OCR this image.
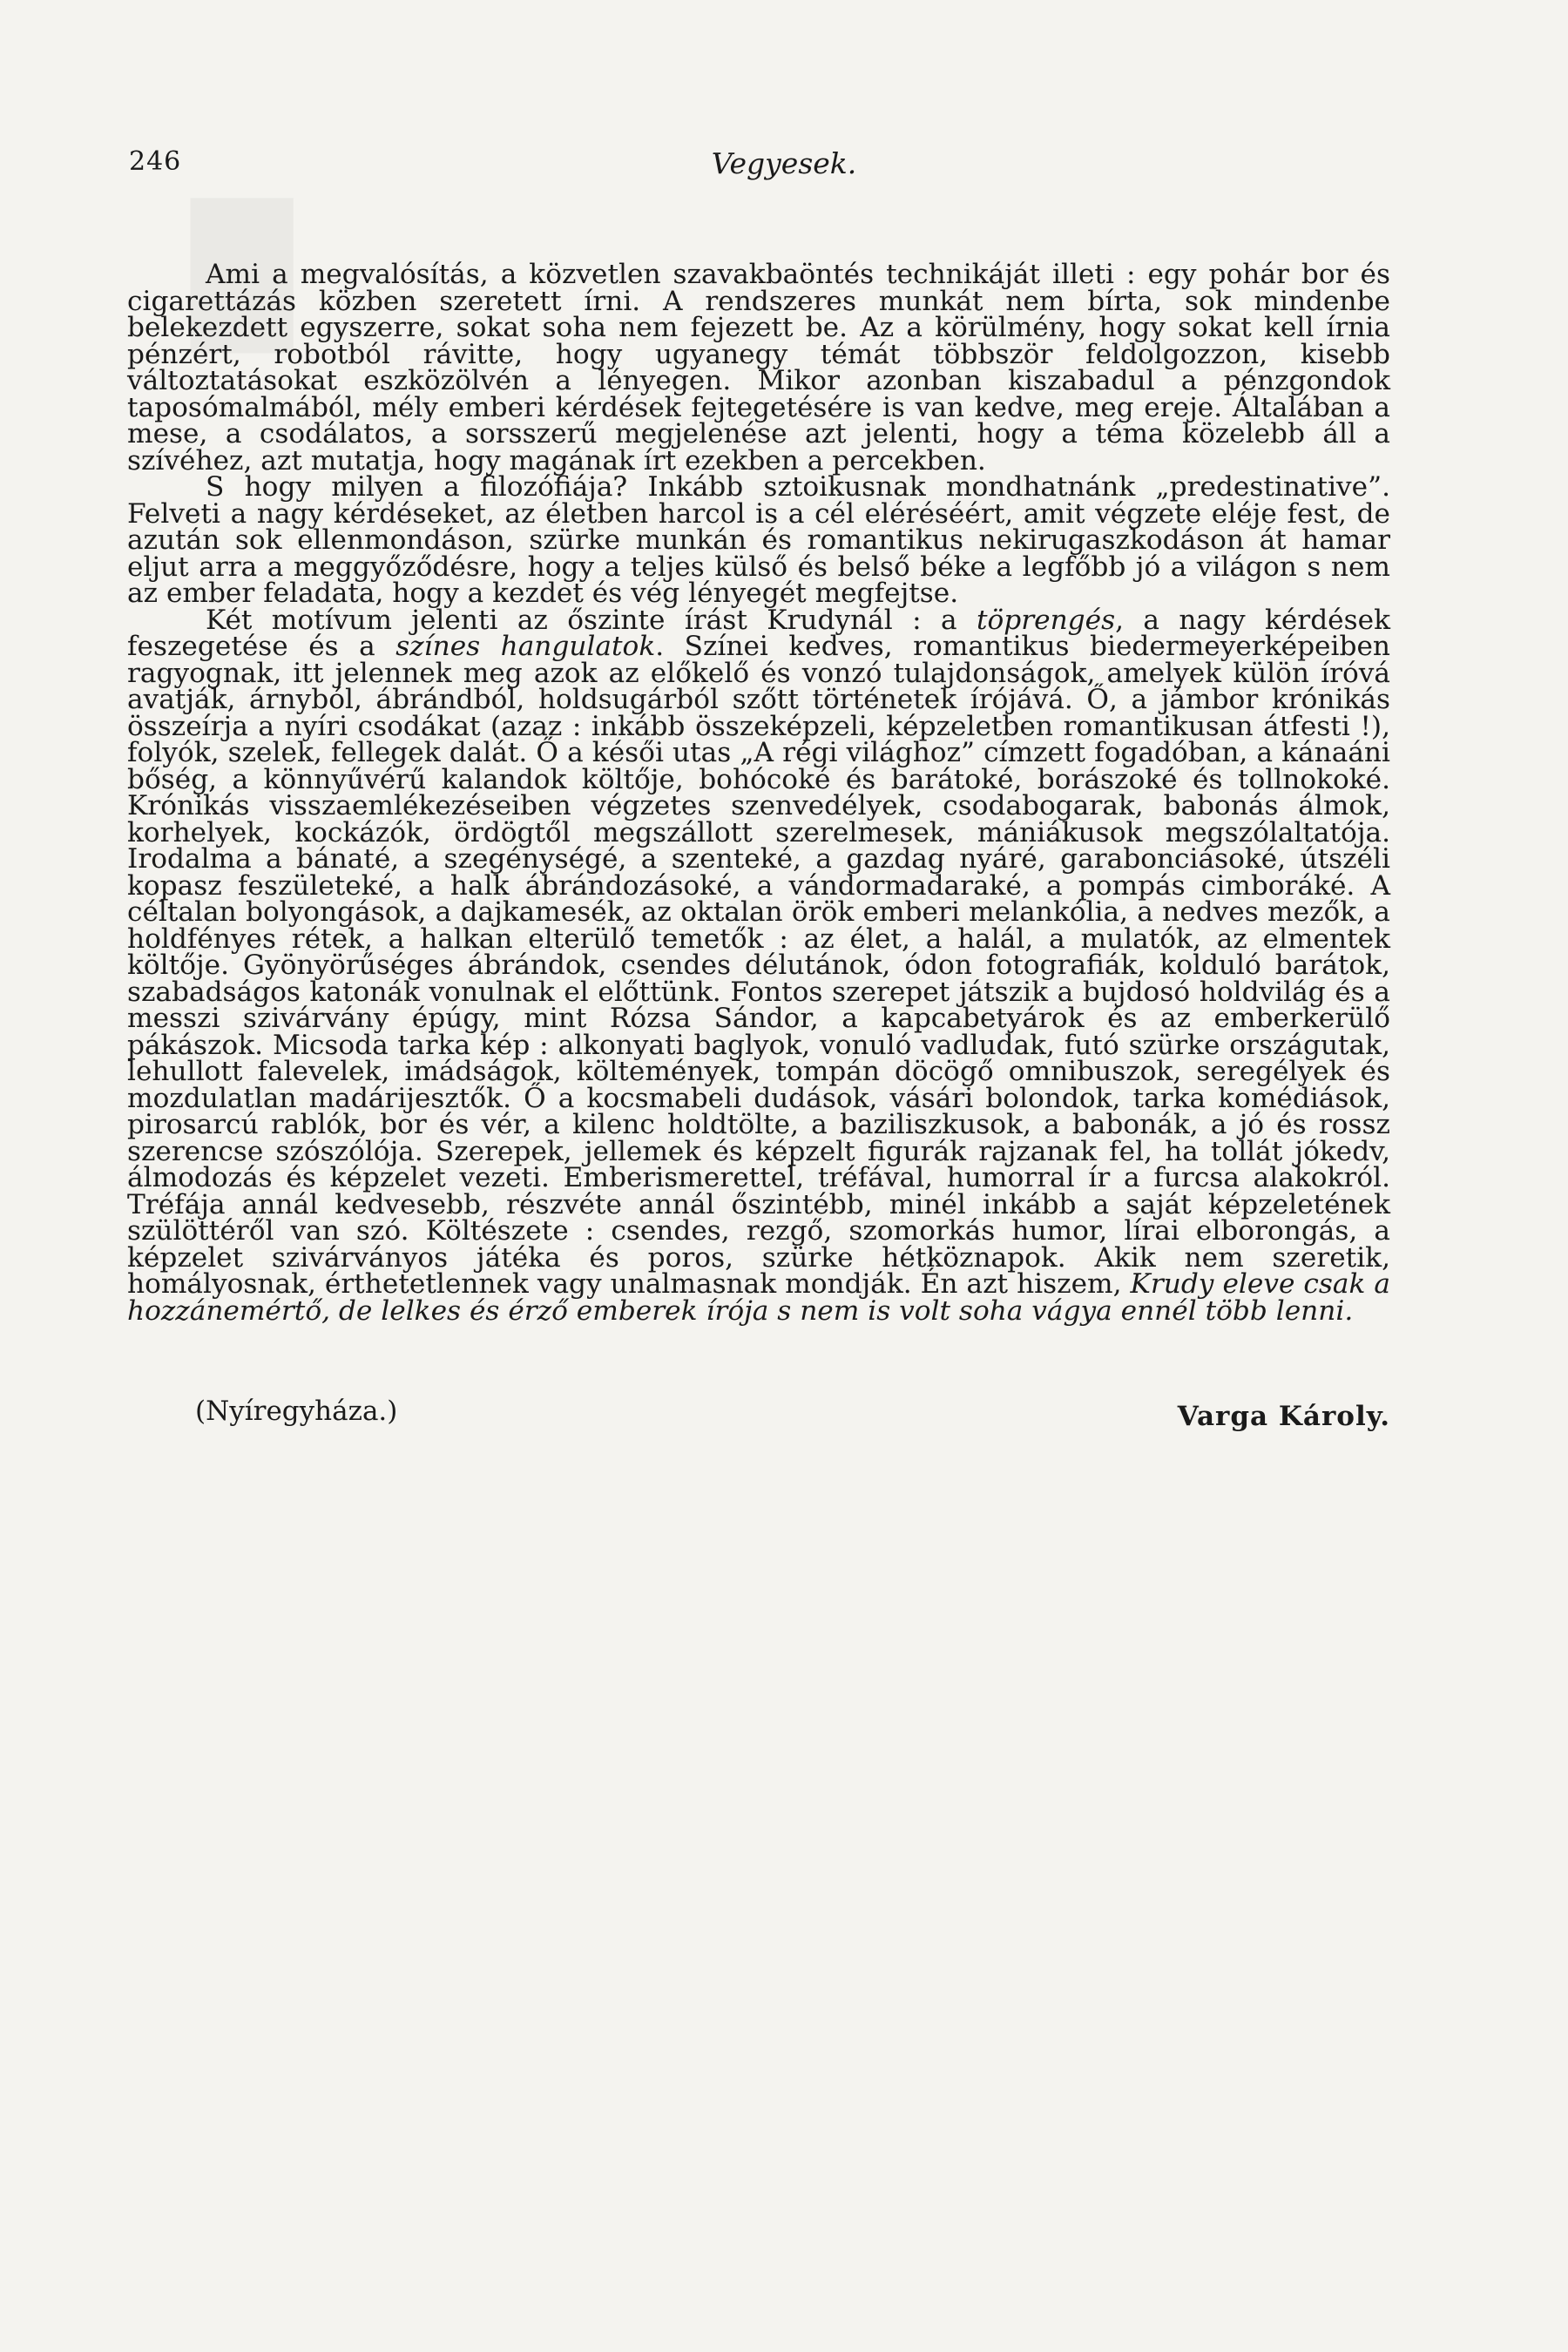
█
246	Vegyesek.

Ami a megvalósítás, a közvetlen szavakbaöntés technikáját illeti : egy pohár bor és cigarettázás közben szeretett írni. A rendszeres munkát nem bírta, sok mindenbe belekezdett egyszerre, sokat soha nem fejezett be. Az a körülmény, hogy sokat kell írnia pénzért, robotból rávitte, hogy ugyanegy témát többször feldolgozzon, kisebb változtatásokat eszközölvén a lényegen. Mikor azonban kiszabadul a pénzgondok taposómalmából, mély emberi kérdések fejtegetésére is van kedve, meg ereje. Általában a mese, a csodálatos, a sorsszerű megjelenése azt jelenti, hogy a téma közelebb áll a szívéhez, azt mutatja, hogy magának írt ezekben a percekben.

S hogy milyen a filozófiája? Inkább sztoikusnak mondhatnánk „predestinative”. Felveti a nagy kérdéseket, az életben harcol is a cél eléréséért, amit végzete eléje fest, de azután sok ellenmondáson, szürke munkán és romantikus nekirugaszkodáson át hamar eljut arra a meggyőződésre, hogy a teljes külső és belső béke a legfőbb jó a világon s nem az ember feladata, hogy a kezdet és vég lényegét megfejtse.

Két motívum jelenti az őszinte írást Krudynál : a töprengés, a nagy kérdések feszegetése és a színes hangulatok. Színei kedves, romantikus biedermeyerképeiben ragyognak, itt jelennek meg azok az előkelő és vonzó tulajdonságok, amelyek külön íróvá avatják, árnyból, ábrándból, holdsugárból szőtt történetek írójává. Ő, a jámbor krónikás összeírja a nyíri csodákat (azaz : inkább összeképzeli, képzeletben romantikusan átfesti !), folyók, szelek, fellegek dalát. Ő a késői utas „A régi világhoz” címzett fogadóban, a kánaáni bőség, a könnyűvérű kalandok költője, bohócoké és barátoké, borászoké és tollnokoké. Krónikás visszaemlékezéseiben végzetes szenvedélyek, csodabogarak, babonás álmok, korhelyek, kockázók, ördögtől megszállott szerelmesek, mániákusok megszólaltatója. Irodalma a bánaté, a szegénységé, a szenteké, a gazdag nyáré, garabonciásoké, útszéli kopasz feszületeké, a halk ábrándozásoké, a vándormadaraké, a pompás cimboráké. A céltalan bolyongások, a dajkamesék, az oktalan örök emberi melankólia, a nedves mezők, a holdfényes rétek, a halkan elterülő temetők : az élet, a halál, a mulatók, az elmentek költője. Gyönyörűséges ábrándok, csendes délutánok, ódon fotografiák, kolduló barátok, szabadságos katonák vonulnak el előttünk. Fontos szerepet játszik a bujdosó holdvilág és a messzi szivárvány épúgy, mint Rózsa Sándor, a kapcabetyárok és az emberkerülő pákászok. Micsoda tarka kép : alkonyati baglyok, vonuló vadludak, futó szürke országutak, lehullott falevelek, imádságok, költemények, tompán döcögő omnibuszok, seregélyek és mozdulatlan madárijesztők. Ő a kocsmabeli dudások, vásári bolondok, tarka komédiások, pirosarcú rablók, bor és vér, a kilenc holdtölte, a baziliszkusok, a babonák, a jó és rossz szerencse szószólója. Szerepek, jellemek és képzelt figurák rajzanak fel, ha tollát jókedv, álmodozás és képzelet vezeti. Emberismerettel, tréfával, humorral ír a furcsa alakokról. Tréfája annál kedvesebb, részvéte annál őszintébb, minél inkább a saját képzeletének szülöttéről van szó. Költészete : csendes, rezgő, szomorkás humor, lírai elborongás, a képzelet szivárványos játéka és poros, szürke hétköznapok. Akik nem szeretik, homályosnak, érthetetlennek vagy unalmasnak mondják. Én azt hiszem, Krudy eleve csak a hozzánemértő, de lelkes és érző emberek írója s nem is volt soha vágya ennél több lenni.

(Nyíregyháza.)	Varga Károly.
